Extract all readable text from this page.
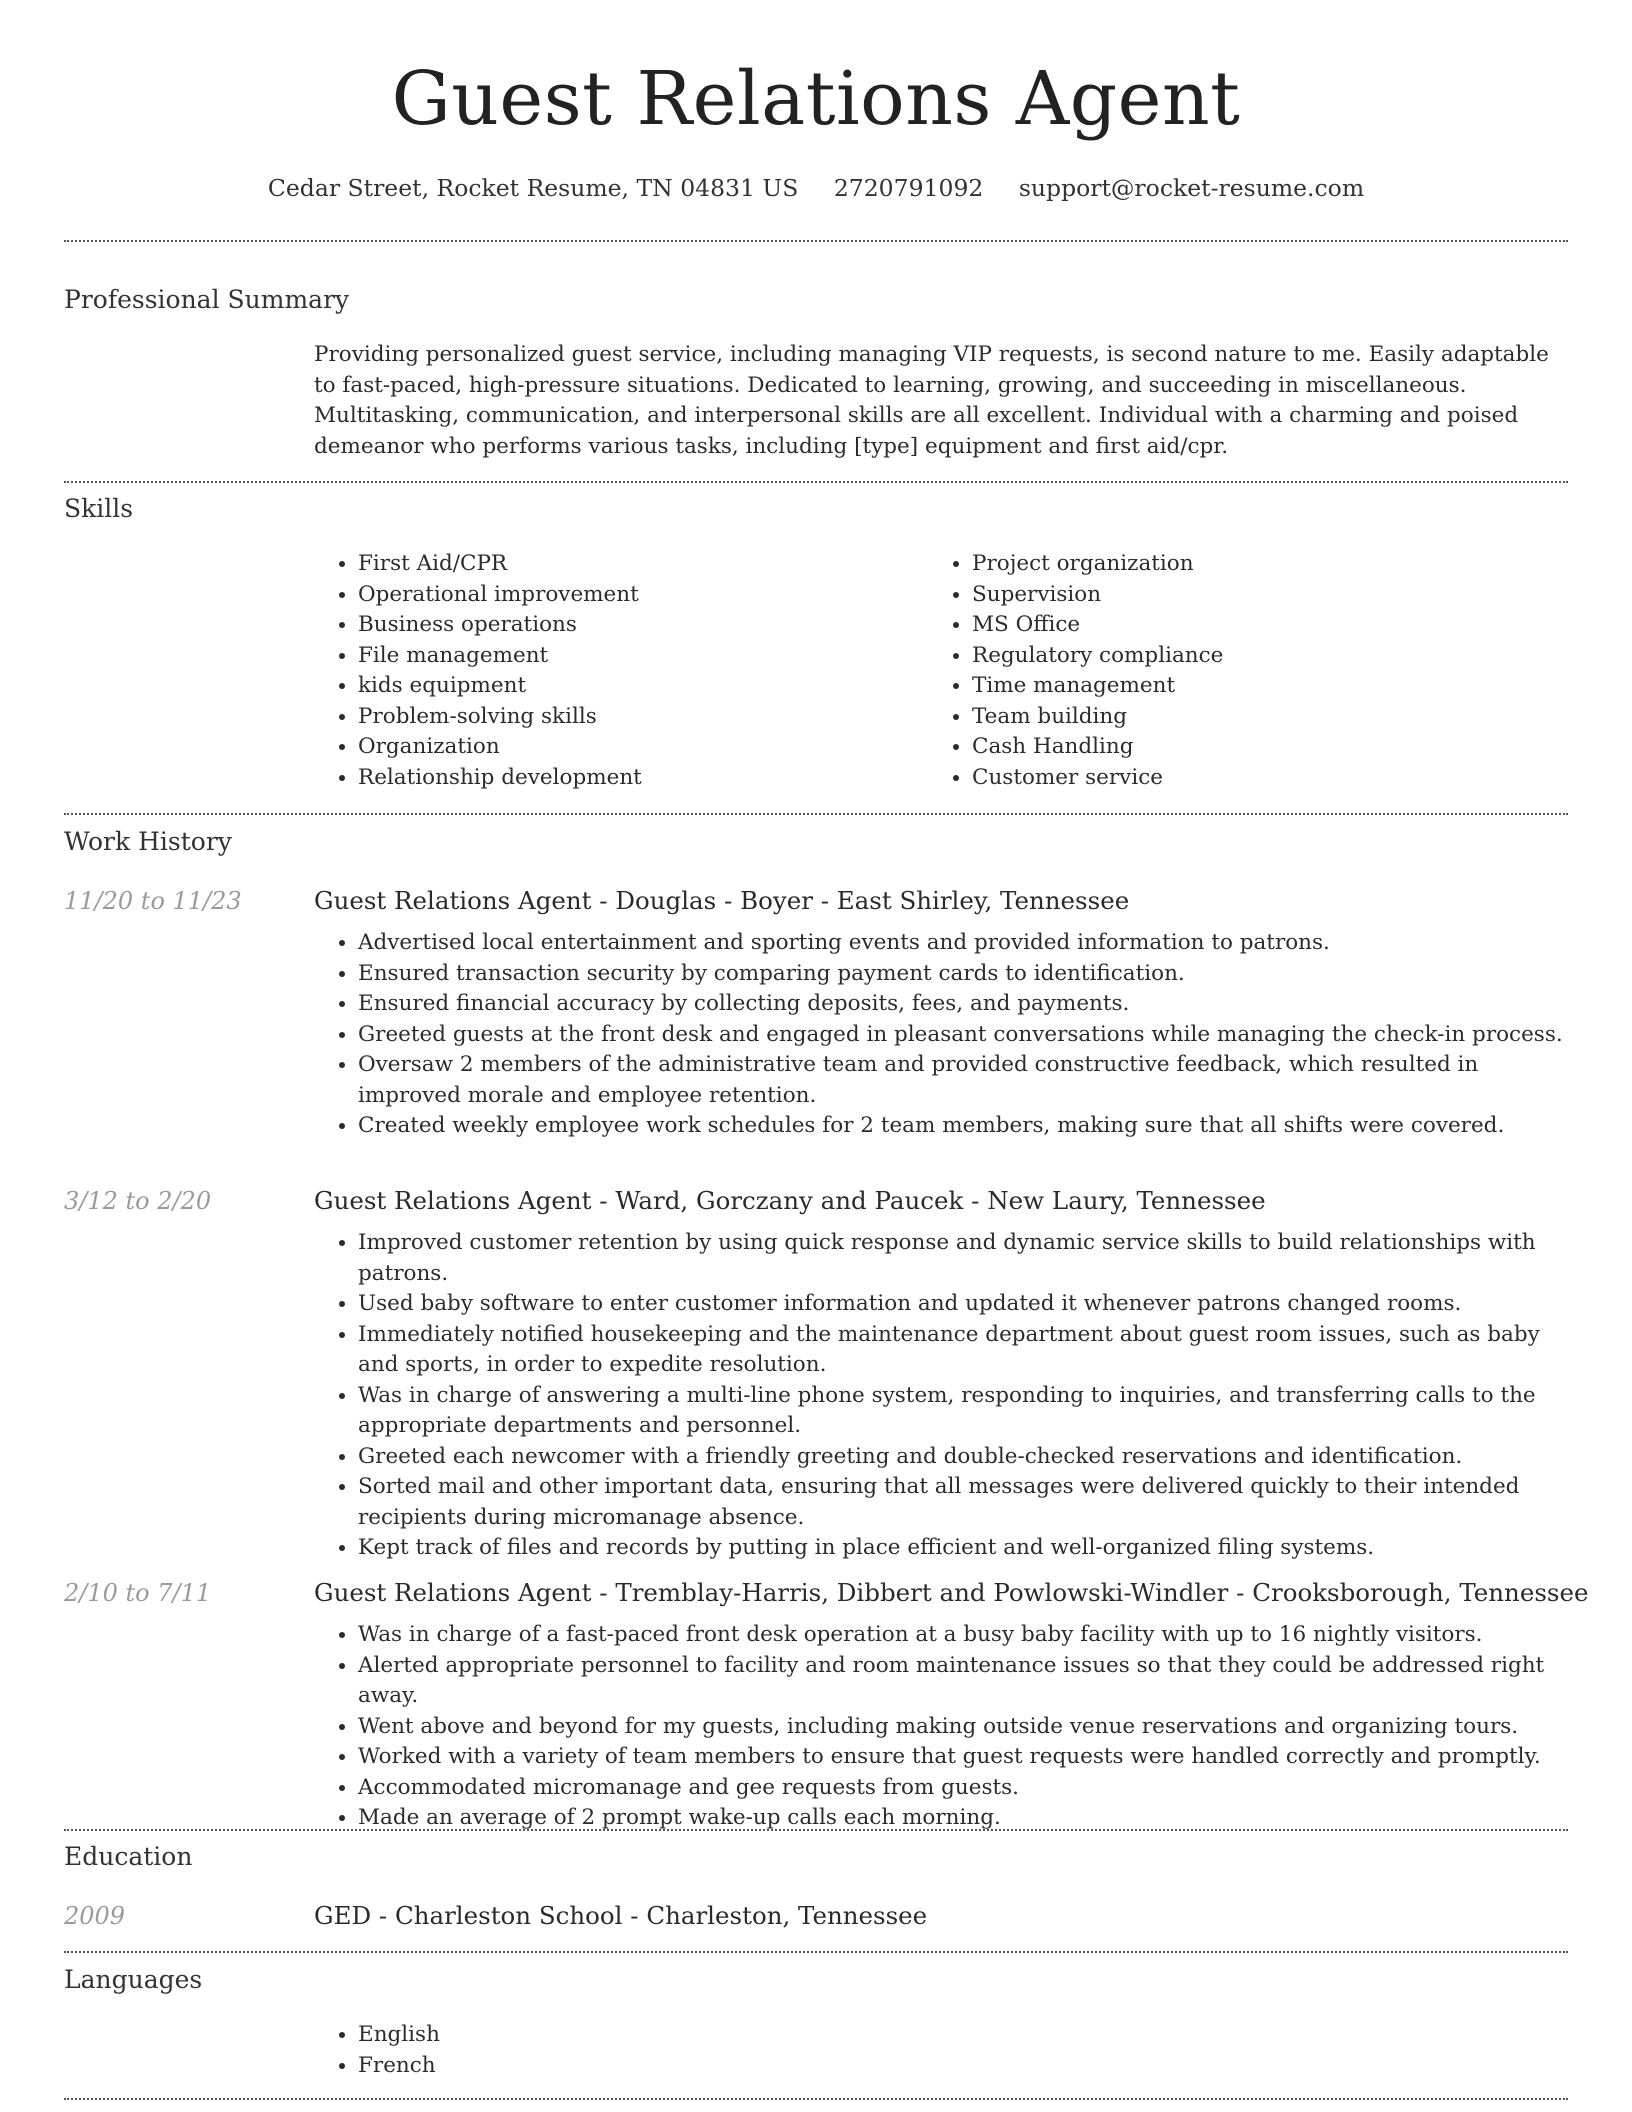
Guest Relations Agent
Cedar Street, Rocket Resume, TN 04831 US 2720791092 support@rocket-resume.com
Professional Summary

Providing personalized guest service, including managing VIP requests, is second nature to me. Easily adaptable to fast-paced, high-pressure situations. Dedicated to learning, growing, and succeeding in miscellaneous. Multitasking, communication, and interpersonal skills are all excellent. Individual with a charming and poised demeanor who performs various tasks, including [type] equipment and first aid/cpr.

Skills
• First Aid/CPR
• Operational improvement
• Business operations
• File management
• kids equipment
• Problem-solving skills
• Organization
• Relationship development
• Project organization
• Supervision
• MS Office
• Regulatory compliance
• Time management
• Team building
• Cash Handling
• Customer service
Work History
11/20 to 11/23	Guest Relations Agent - Douglas - Boyer - East Shirley, Tennessee
• Advertised local entertainment and sporting events and provided information to patrons.
• Ensured transaction security by comparing payment cards to identification.
• Ensured financial accuracy by collecting deposits, fees, and payments.
• Greeted guests at the front desk and engaged in pleasant conversations while managing the check-in process.
• Oversaw 2 members of the administrative team and provided constructive feedback, which resulted in improved morale and employee retention.
• Created weekly employee work schedules for 2 team members, making sure that all shifts were covered.
3/12 to 2/20	Guest Relations Agent - Ward, Gorczany and Paucek - New Laury, Tennessee
• Improved customer retention by using quick response and dynamic service skills to build relationships with patrons.
• Used baby software to enter customer information and updated it whenever patrons changed rooms.
• Immediately notified housekeeping and the maintenance department about guest room issues, such as baby and sports, in order to expedite resolution.
• Was in charge of answering a multi-line phone system, responding to inquiries, and transferring calls to the appropriate departments and personnel.
• Greeted each newcomer with a friendly greeting and double-checked reservations and identification.
• Sorted mail and other important data, ensuring that all messages were delivered quickly to their intended recipients during micromanage absence.
• Kept track of files and records by putting in place efficient and well-organized filing systems.
2/10 to 7/11	Guest Relations Agent - Tremblay-Harris, Dibbert and Powlowski-Windler - Crooksborough, Tennessee
• Was in charge of a fast-paced front desk operation at a busy baby facility with up to 16 nightly visitors.
• Alerted appropriate personnel to facility and room maintenance issues so that they could be addressed right away.
• Went above and beyond for my guests, including making outside venue reservations and organizing tours.
• Worked with a variety of team members to ensure that guest requests were handled correctly and promptly.
• Accommodated micromanage and gee requests from guests.
• Made an average of 2 prompt wake-up calls each morning.
Education
2009	GED - Charleston School - Charleston, Tennessee
Languages
• English
• French
